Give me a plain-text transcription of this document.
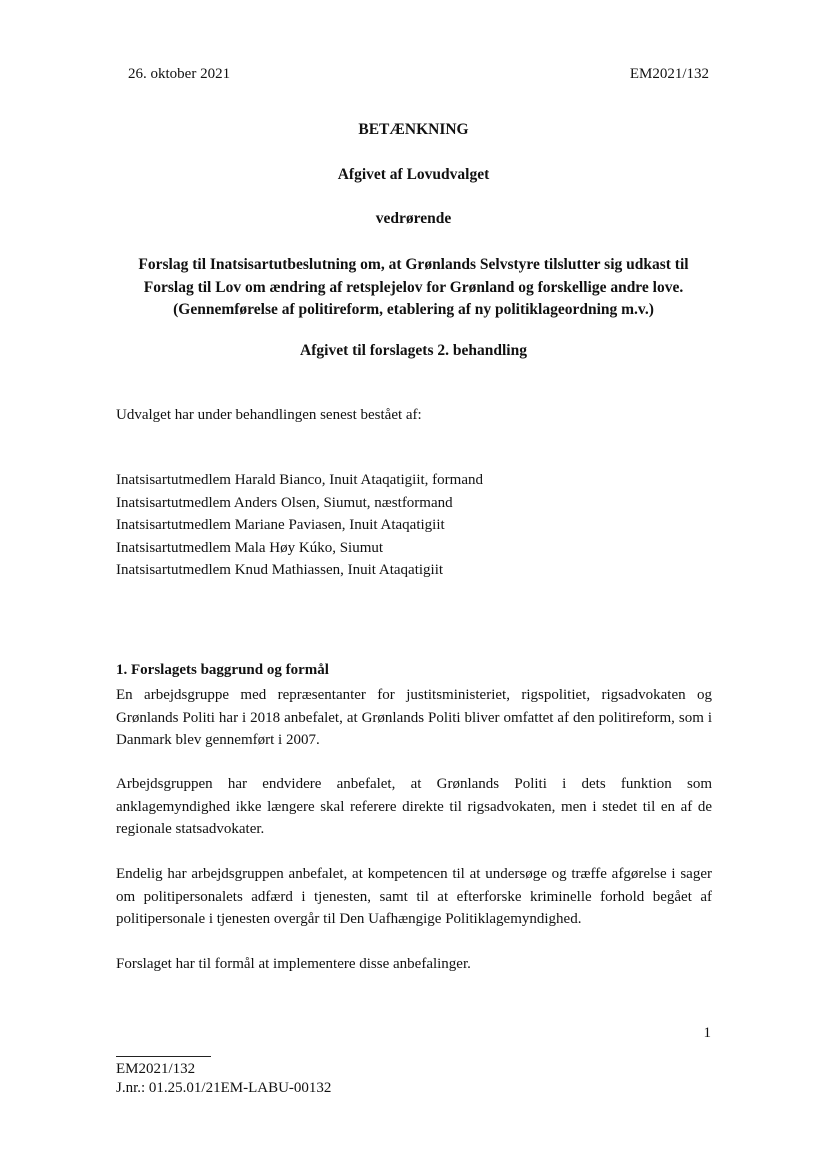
26. oktober 2021	EM2021/132
BETÆNKNING
Afgivet af Lovudvalget
vedrørende
Forslag til Inatsisartutbeslutning om, at Grønlands Selvstyre tilslutter sig udkast til
Forslag til Lov om ændring af retsplejelov for Grønland og forskellige andre love.
(Gennemførelse af politireform, etablering af ny politiklageordning m.v.)
Afgivet til forslagets 2. behandling
Udvalget har under behandlingen senest bestået af:
Inatsisartutmedlem Harald Bianco, Inuit Ataqatigiit, formand
Inatsisartutmedlem Anders Olsen, Siumut, næstformand
Inatsisartutmedlem Mariane Paviasen, Inuit Ataqatigiit
Inatsisartutmedlem Mala Høy Kúko, Siumut
Inatsisartutmedlem Knud Mathiassen, Inuit Ataqatigiit
1. Forslagets baggrund og formål

En arbejdsgruppe med repræsentanter for justitsministeriet, rigspolitiet, rigsadvokaten og Grønlands Politi har i 2018 anbefalet, at Grønlands Politi bliver omfattet af den politireform, som i Danmark blev gennemført i 2007.

Arbejdsgruppen har endvidere anbefalet, at Grønlands Politi i dets funktion som anklagemyndighed ikke længere skal referere direkte til rigsadvokaten, men i stedet til en af de regionale statsadvokater.

Endelig har arbejdsgruppen anbefalet, at kompetencen til at undersøge og træffe afgørelse i sager om politipersonalets adfærd i tjenesten, samt til at efterforske kriminelle forhold begået af politipersonale i tjenesten overgår til Den Uafhængige Politiklagemyndighed.

Forslaget har til formål at implementere disse anbefalinger.

1
EM2021/132
J.nr.: 01.25.01/21EM-LABU-00132
